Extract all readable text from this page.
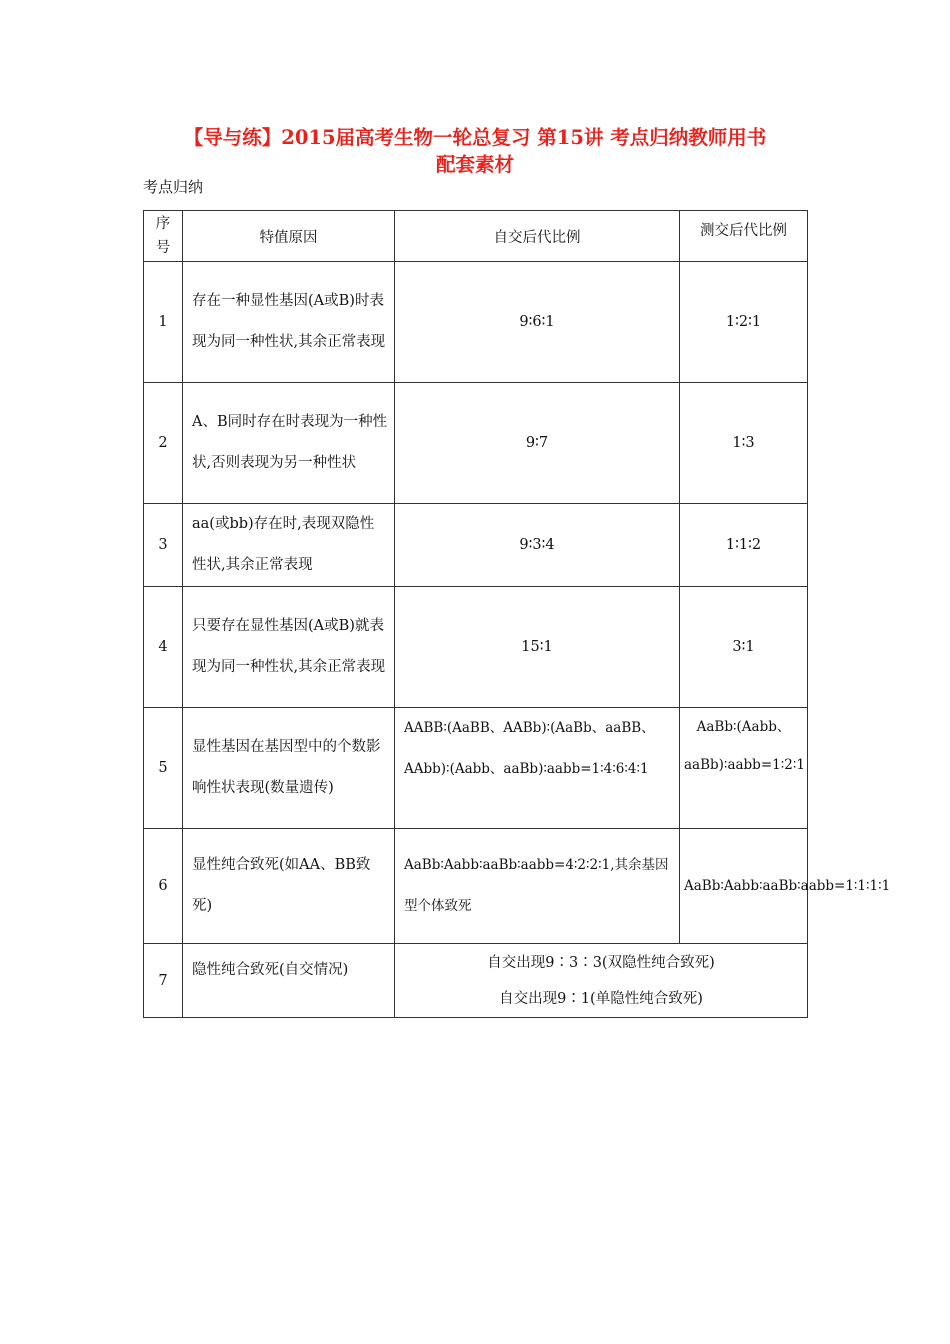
【导与练】2015届高考生物一轮总复习 第15讲 考点归纳教师用书
配套素材
考点归纳
序
号	特值原因	自交后代比例	测交后代比例
1	存在一种显性基因(A或B)时表现为同一种性状,其余正常表现	9∶6∶1	1∶2∶1
2	A、B同时存在时表现为一种性状,否则表现为另一种性状	9∶7	1∶3
3	aa(或bb)存在时,表现双隐性性状,其余正常表现	9∶3∶4	1∶1∶2
4	只要存在显性基因(A或B)就表现为同一种性状,其余正常表现	15∶1	3∶1
5	显性基因在基因型中的个数影响性状表现(数量遗传)	AABB∶(AaBB、AABb)∶(AaBb、aaBB、AAbb)∶(Aabb、aaBb)∶aabb=1∶4∶6∶4∶1	AaBb∶(Aabb、aaBb)∶aabb=1∶2∶1
6	显性纯合致死(如AA、BB致死)	AaBb∶Aabb∶aaBb∶aabb=4∶2∶2∶1,其余基因型个体致死	AaBb∶Aabb∶aaBb∶aabb=1∶1∶1∶1
7	隐性纯合致死(自交情况)	自交出现9∶3∶3(双隐性纯合致死)
自交出现9∶1(单隐性纯合致死)	
